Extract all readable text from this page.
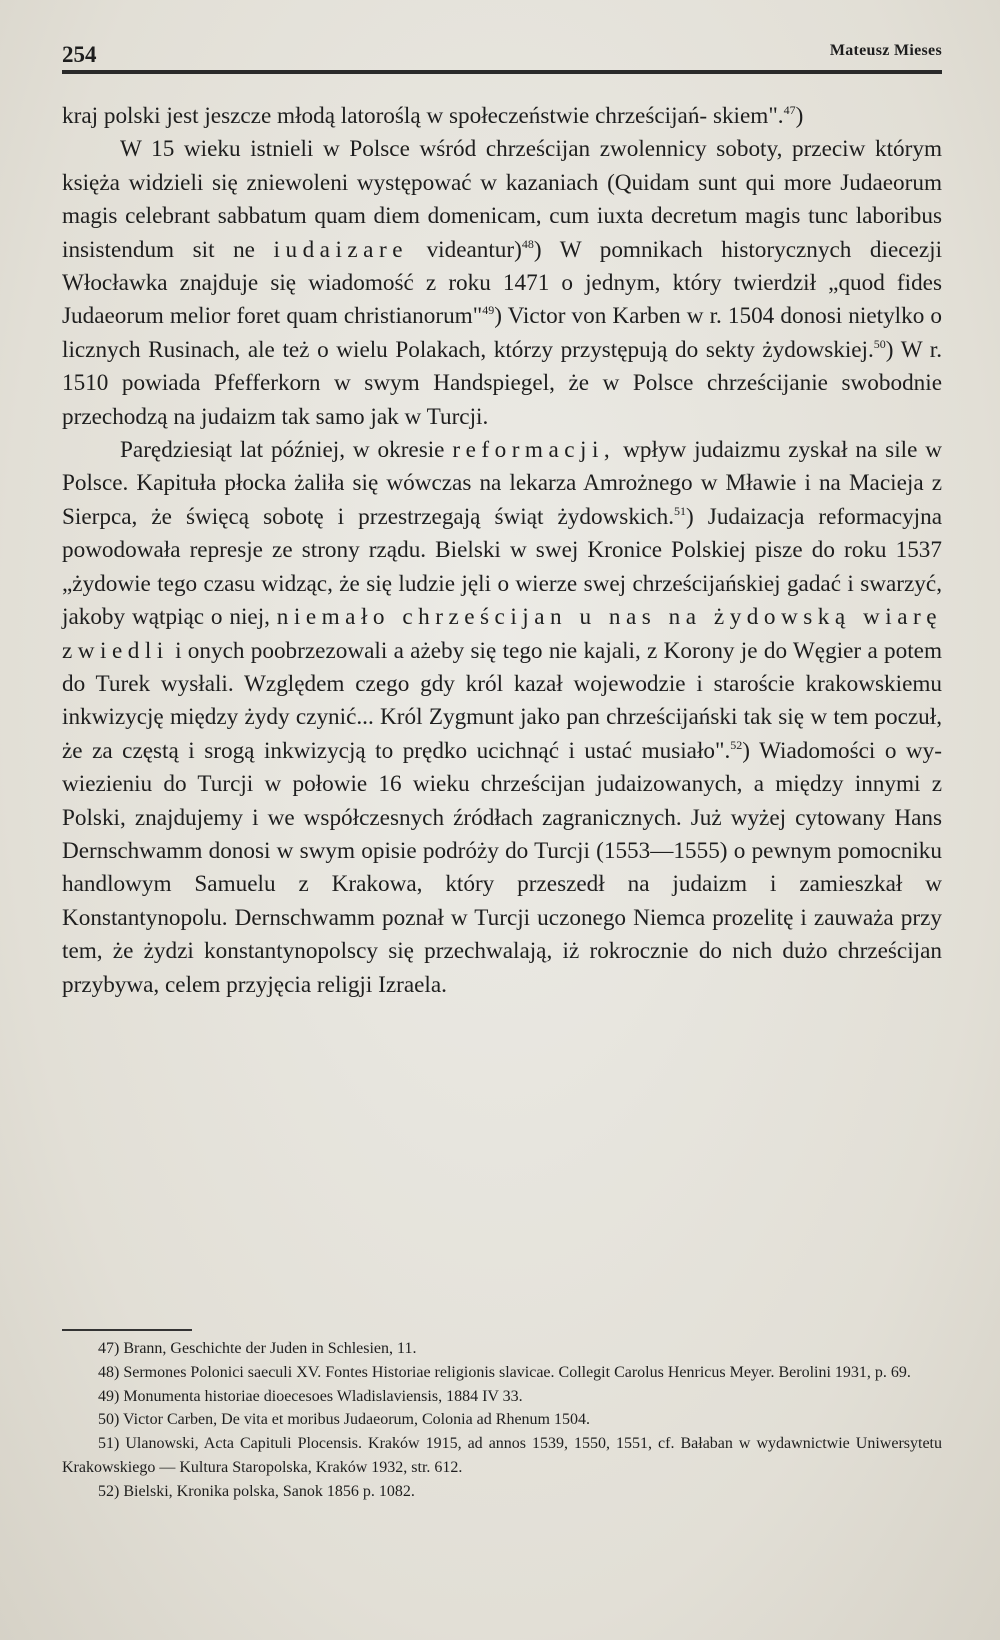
254	Mateusz Mieses

kraj polski jest jeszcze młodą latoroślą w społeczeństwie chrześcijań- skiem".$^{47}$)

W 15 wieku istnieli w Polsce wśród chrześcijan zwolennicy soboty, przeciw którym księża widzieli się zniewoleni występować w kazaniach (Quidam sunt qui more Judaeorum magis celebrant sabbatum quam diem domenicam, cum iuxta decretum magis tunc laboribus insistendum sit ne iudaizare videantur)$^{48}$) W pomnikach historycznych diecezji Włocławka znajduje się wiadomość z roku 1471 o jednym, który twierdził „quod fides Judaeorum melior foret quam christianorum"$^{49}$) Victor von Karben w r. 1504 donosi nietylko o licznych Rusinach, ale też o wielu Polakach, którzy przystępują do sekty żydowskiej.$^{50}$) W r. 1510 powiada Pfefferkorn w swym Handspiegel, że w Polsce chrześcijanie swobodnie przechodzą na judaizm tak samo jak w Turcji.

Parędziesiąt lat później, w okresie reformacji, wpływ judaizmu zyskał na sile w Polsce. Kapituła płocka żaliła się wówczas na lekarza Amrożnego w Mławie i na Macieja z Sierpca, że święcą sobotę i przestrzegają świąt żydowskich.$^{51}$) Judaizacja reformacyjna powodowała represje ze strony rządu. Bielski w swej Kronice Polskiej pisze do roku 1537 „żydowie tego czasu widząc, że się ludzie jęli o wierze swej chrześcijańskiej gadać i swarzyć, jakoby wątpiąc o niej, niemało chrześcijan u nas na żydowską wiarę zwiedli i onych poobrzezowali a ażeby się tego nie kajali, z Korony je do Węgier a potem do Turek wysłali. Względem czego gdy król kazał wojewodzie i staroście krakowskiemu inkwizycję między żydy czynić... Król Zygmunt jako pan chrześcijański tak się w tem poczuł, że za częstą i srogą inkwizycją to prędko ucichnąć i ustać musiało".$^{52}$) Wiadomości o wywiezieniu do Turcji w połowie 16 wieku chrześcijan judaizowanych, a między innymi z Polski, znajdujemy i we współczesnych źródłach zagranicznych. Już wyżej cytowany Hans Dernschwamm donosi w swym opisie podróży do Turcji (1553—1555) o pewnym pomocniku handlowym Samuelu z Krakowa, który przeszedł na judaizm i zamieszkał w Konstantynopolu. Dernschwamm poznał w Turcji uczonego Niemca prozelitę i zauważa przy tem, że żydzi konstantynopolscy się przechwalają, iż rokrocznie do nich dużo chrześcijan przybywa, celem przyjęcia religji Izraela.

47) Brann, Geschichte der Juden in Schlesien, 11.

48) Sermones Polonici saeculi XV. Fontes Historiae religionis slavicae. Collegit Carolus Henricus Meyer. Berolini 1931, p. 69.

49) Monumenta historiae dioecesoes Wladislaviensis, 1884 IV 33.

50) Victor Carben, De vita et moribus Judaeorum, Colonia ad Rhenum 1504.

51) Ulanowski, Acta Capituli Plocensis. Kraków 1915, ad annos 1539, 1550, 1551, cf. Bałaban w wydawnictwie Uniwersytetu Krakowskiego — Kultura Staropolska, Kraków 1932, str. 612.

52) Bielski, Kronika polska, Sanok 1856 p. 1082.
